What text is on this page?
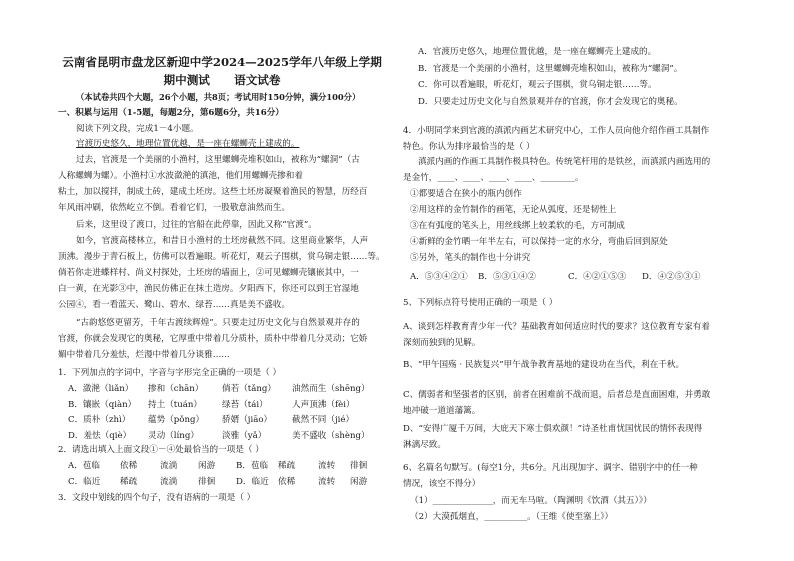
云南省昆明市盘龙区新迎中学2024—2025学年八年级上学期
期中测试      语文试卷
（本试卷共四个大题，26个小题，共8页；考试用时150分钟，满分100分）
一、积累与运用（1-5题，每题2分，第6题6分，共16分）
阅读下列文段，完成1－4小题。
官渡历史悠久，地理位置优越，是一座在螺蛳壳上建成的。
过去，官渡是一个美丽的小渔村，这里螺蛳壳堆积如山，被称为“螺洞”（古
人称螺蛳为螺）。小渔村①水波潋滟的滇池，他们用螺蛳壳掺和着
粘土，加以搅拌，制成土砖，建成土坯房。这些土坯房凝聚着渔民的智慧，历经百
年风雨冲刷，依然屹立不倒。看着它们，一股敬意油然而生。
后来，这里设了渡口，过往的官船在此停靠，因此又称“官渡”。
如今，官渡高楼林立，和昔日小渔村的土坯房截然不同。这里商业繁华，人声
顶沸。漫步于青石板上，仿佛可以看遍眼。听花灯，观云子围棋，赏乌铜走银……等。
倘若你走进蝶样村、尚义村探处，土坯房的墙面上，②可见螺蛳壳镶嵌其中，一
白一黄，在光影③中，渔民仿佛正在抹土造房。夕阳西下，你还可以到王官湿地
公园④，看一看蓝天、鹭山、碧水、绿苔……真是美不盛收。
“古韵悠悠更留芳，千年古渡续辉煌”。只要走过历史文化与自然景观并存的
官渡，你就会发现它的奥秘，它厚重中带着几分质朴，质朴中带着几分灵动；它娇
媚中带着几分羞怯，烂漫中带着几分谈雅……
1．下列加点的字词中，字音与字形完全正确的一项是（ ）
A．潋滟（liǎn） 掺和（chān） 倘若（tǎng） 油然而生（shēng）
B．镶嵌（qiàn） 持土（tuán） 绿苔（tái）	人声顶沸（fèi）
C．质朴（zhì） 蕴势（pǒng） 骄婿（jiāo） 截然不同（jié）
D．羞怯（qiè） 灵动（líng）	淡雅（yǎ）	美不盛收（shèng）
2．请选出填入上面文段①－④处最恰当的一项是（ ）
A．苞临 依稀	流淌 闲游 B．苞临 稀疏	流转 徘徊
C．临近 稀疏	流淌 徘徊 D．临近 依稀	流转 闲游
3．文段中划线的四个句子，没有语病的一项是（ ）
A．官渡历史悠久，地理位置优越，是一座在螺蛳壳上建成的。
B．官渡是一个美丽的小渔村，这里螺蛳壳堆积如山，被称为“螺洞”。
C．你可以看遍眼，听花灯，观云子围棋，赏乌铜走银……等。
D．只要走过历史文化与自然景观并存的官渡，你才会发现它的奥秘。
4．小明同学来到官渡的滇派内画艺术研究中心，工作人员向他介绍作画工具制作
特色。你认为排序最恰当的是（ ）
滇派内画的作画工具制作极具特色。传统笔杆用的是铁丝，而滇派内画选用的
是金竹，____、____、____、____、________。
①都要适合在狭小的瓶内创作
②用这样的金竹制作的画笔，无论从弧度，还是韧性上
③在有弧度的笔头上，用丝线绑上较柔软的毛，方可制成
④新鲜的金竹晒一年半左右，可以保持一定的水分，弯曲后回到原处
⑤另外，笔头的制作也十分讲究
A．⑤③④②① B．⑤③①④②	C．④②①⑤③ D．④②⑤③①
5、下列标点符号使用正确的一项是（ ）
A、谈到怎样教育青少年一代？基础教育如何适应时代的要求？这位教育专家有着
深刻而独到的见解。
B、“甲午国殇 · 民族复兴”甲午战争教育基地的建设功在当代，利在千秋。
C、儒弱者和坚强者的区别，前者在困难前不战而退，后者总是直面困难，并勇敢
地冲破一道道藩篱。
D、“安得广厦千万间，大庇天下寒士俱欢颜！”诗圣杜甫忧国忧民的情怀表现得
淋漓尽致。
6、名篇名句默写。(每空1分，共6分。凡出现加字、调字、错别字中的任一种
情况，该空不得分）
（1）______________，而无车马喧。（陶渊明《饮酒（其五）》）
（2）大漠孤烟直，__________。（王维《使至塞上》）
